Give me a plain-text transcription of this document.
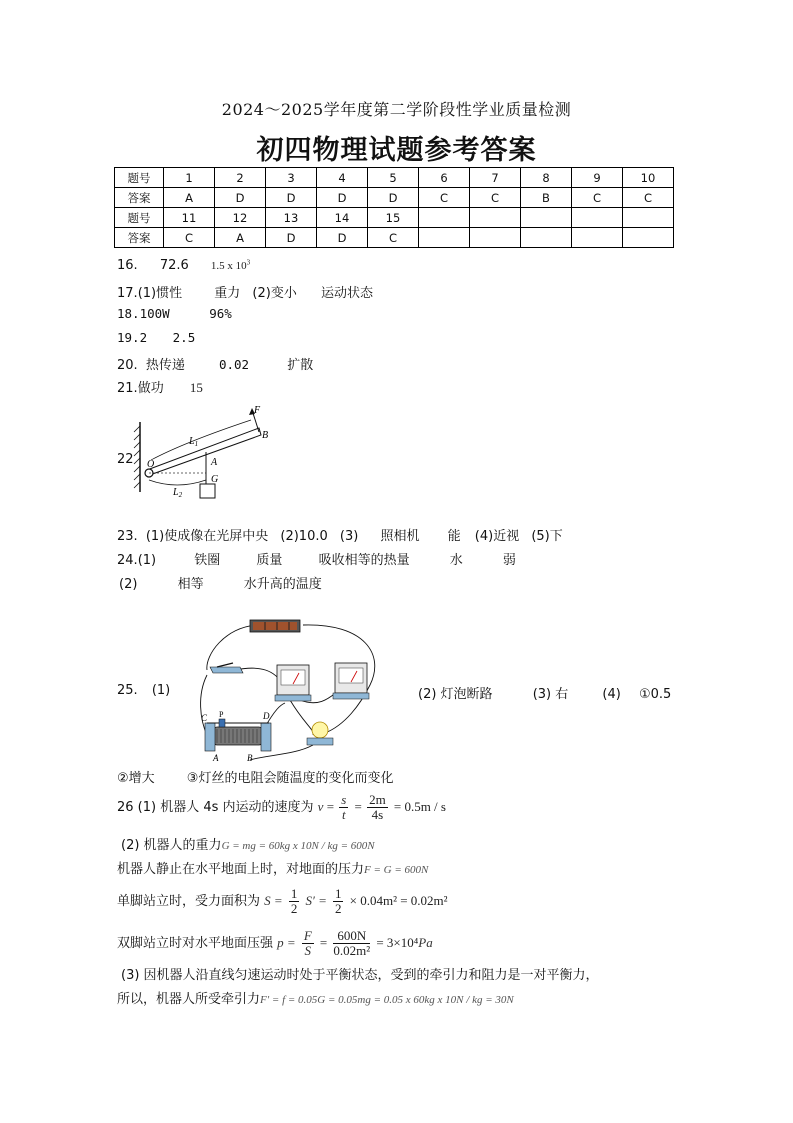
2024～2025学年度第二学阶段性学业质量检测
初四物理试题参考答案
题号	1	2	3	4	5	6	7	8	9	10
答案	A	D	D	D	D	C	C	B	C	C
题号	11	12	13	14	15					
答案	C	A	D	D	C					
16. 72.6 1.5 x $10^3$
17.(1)惯性 重力 (2)变小 运动状态
18.100W	96%
19.2 2.5
20. 热传递	0.02	扩散
21.做功 15
22
F
B
$L_1$
O	A
G
$L_2$
23. (1)使成像在光屏中央 (2)10.0 (3) 照相机 能 (4)近视 (5)下
24.(1)	铁圈	质量	吸收相等的热量	水	弱
(2)	相等	水升高的温度
25. (1)	(2) 灯泡断路	(3) 右	(4) ①0.5
C P	D
A	B
②增大 ③灯丝的电阻会随温度的变化而变化
26 (1) 机器人 4s 内运动的速度为 $v = \frac{s}{t} = \frac{2m}{4s} = 0.5m / s$
(2) 机器人的重力G = mg = 60kg x 10N / kg = 600N
机器人静止在水平地面上时，对地面的压力F = G = 600N
单脚站立时，受力面积为 $S = \frac{1}{2} S' = \frac{1}{2} \times 0.04m^2 = 0.02m^2$
双脚站立时对水平地面压强 $p = \frac{F}{S} = \frac{600N}{\text{0.02m²}} = 3\times 10^4Pa$
(3) 因机器人沿直线匀速运动时处于平衡状态，受到的牵引力和阻力是一对平衡力，
所以，机器人所受牵引力F′ = f = 0.05G = 0.05mg = 0.05 x 60kg x 10N / kg = 30N
